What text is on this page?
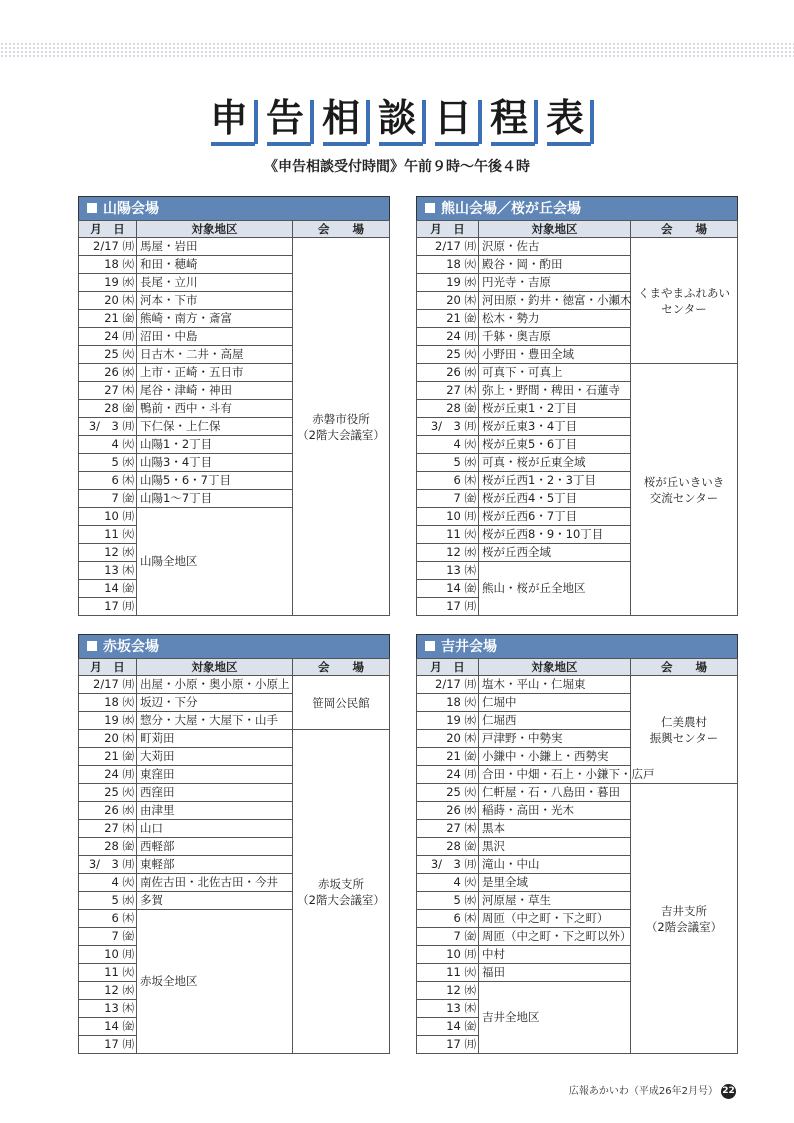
申 告 相 談 日 程 表
《申告相談受付時間》午前９時〜午後４時
山陽会場
月　日	対象地区	会　　場
2/17 ㈪	馬屋・岩田	赤磐市役所
（2階大会議室）
18 ㈫	和田・穂崎	
19 ㈬	長尾・立川	
20 ㈭	河本・下市	
21 ㈮	熊崎・南方・斎富	
24 ㈪	沼田・中島	
25 ㈫	日古木・二井・高屋	
26 ㈬	上市・正崎・五日市	
27 ㈭	尾谷・津崎・神田	
28 ㈮	鴨前・西中・斗有	
3/　3 ㈪	下仁保・上仁保	
4 ㈫	山陽1・2丁目	
5 ㈬	山陽3・4丁目	
6 ㈭	山陽5・6・7丁目	
7 ㈮	山陽1〜7丁目	
10 ㈪	山陽全地区	
11 ㈫		
12 ㈬		
13 ㈭		
14 ㈮		
17 ㈪		
熊山会場／桜が丘会場
月　日	対象地区	会　　場
2/17 ㈪	沢原・佐古	くまやまふれあい
センター
18 ㈫	殿谷・岡・酌田	
19 ㈬	円光寺・吉原	
20 ㈭	河田原・釣井・徳富・小瀬木	
21 ㈮	松木・勢力	
24 ㈪	千躰・奥吉原	
25 ㈫	小野田・豊田全域	
26 ㈬	可真下・可真上	桜が丘いきいき
交流センター
27 ㈭	弥上・野間・稗田・石蓮寺	
28 ㈮	桜が丘東1・2丁目	
3/　3 ㈪	桜が丘東3・4丁目	
4 ㈫	桜が丘東5・6丁目	
5 ㈬	可真・桜が丘東全域	
6 ㈭	桜が丘西1・2・3丁目	
7 ㈮	桜が丘西4・5丁目	
10 ㈪	桜が丘西6・7丁目	
11 ㈫	桜が丘西8・9・10丁目	
12 ㈬	桜が丘西全域	
13 ㈭	熊山・桜が丘全地区	
14 ㈮		
17 ㈪		
赤坂会場
月　日	対象地区	会　　場
2/17 ㈪	出屋・小原・奥小原・小原上	笹岡公民館
18 ㈫	坂辺・下分	
19 ㈬	惣分・大屋・大屋下・山手	
20 ㈭	町苅田	赤坂支所
（2階大会議室）
21 ㈮	大苅田	
24 ㈪	東窪田	
25 ㈫	西窪田	
26 ㈬	由津里	
27 ㈭	山口	
28 ㈮	西軽部	
3/　3 ㈪	東軽部	
4 ㈫	南佐古田・北佐古田・今井	
5 ㈬	多賀	
6 ㈭	赤坂全地区	
7 ㈮		
10 ㈪		
11 ㈫		
12 ㈬		
13 ㈭		
14 ㈮		
17 ㈪		
吉井会場
月　日	対象地区	会　　場
2/17 ㈪	塩木・平山・仁堀東	仁美農村
振興センター
18 ㈫	仁堀中	
19 ㈬	仁堀西	
20 ㈭	戸津野・中勢実	
21 ㈮	小鎌中・小鎌上・西勢実	
24 ㈪	合田・中畑・石上・小鎌下・広戸	
25 ㈫	仁軒屋・石・八島田・暮田	吉井支所
（2階会議室）
26 ㈬	稲蒔・高田・光木	
27 ㈭	黒本	
28 ㈮	黒沢	
3/　3 ㈪	滝山・中山	
4 ㈫	是里全域	
5 ㈬	河原屋・草生	
6 ㈭	周匝（中之町・下之町）	
7 ㈮	周匝（中之町・下之町以外）	
10 ㈪	中村	
11 ㈫	福田	
12 ㈬	吉井全地区	
13 ㈭		
14 ㈮		
17 ㈪		
広報あかいわ（平成26年2月号） 22
